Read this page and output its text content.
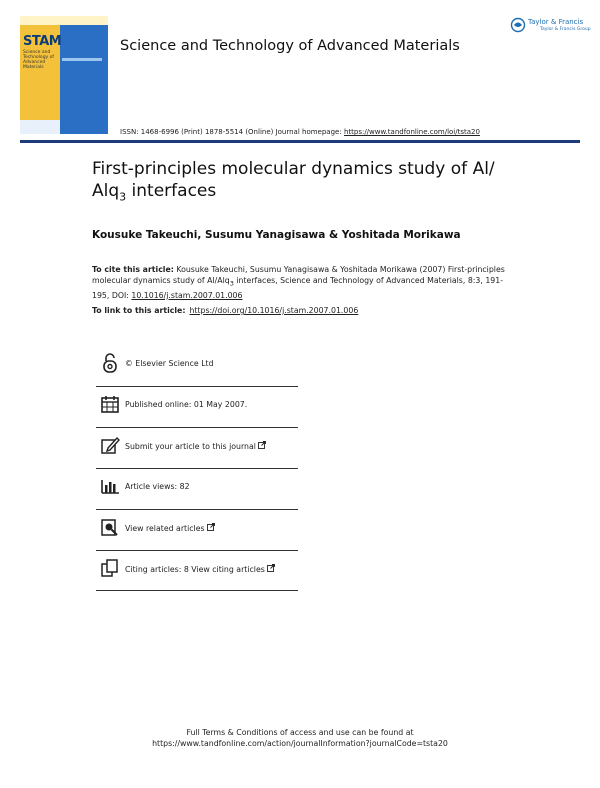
STAM
Science and Technology of Advanced Materials
Science and Technology of Advanced Materials
Taylor & Francis
Taylor & Francis Group
ISSN: 1468-6996 (Print) 1878-5514 (Online) Journal homepage: https://www.tandfonline.com/loi/tsta20
First-principles molecular dynamics study of Al/
Alq$_3$ interfaces
Kousuke Takeuchi, Susumu Yanagisawa & Yoshitada Morikawa
To cite this article: Kousuke Takeuchi, Susumu Yanagisawa & Yoshitada Morikawa (2007) First-principles molecular dynamics study of Al/Alq$_3$ interfaces, Science and Technology of Advanced Materials, 8:3, 191-195, DOI: 10.1016/j.stam.2007.01.006
To link to this article: https://doi.org/10.1016/j.stam.2007.01.006
© Elsevier Science Ltd
Published online: 01 May 2007.
Submit your article to this journal
Article views: 82
View related articles
Citing articles: 8 View citing articles
Full Terms & Conditions of access and use can be found at
https://www.tandfonline.com/action/journalInformation?journalCode=tsta20
